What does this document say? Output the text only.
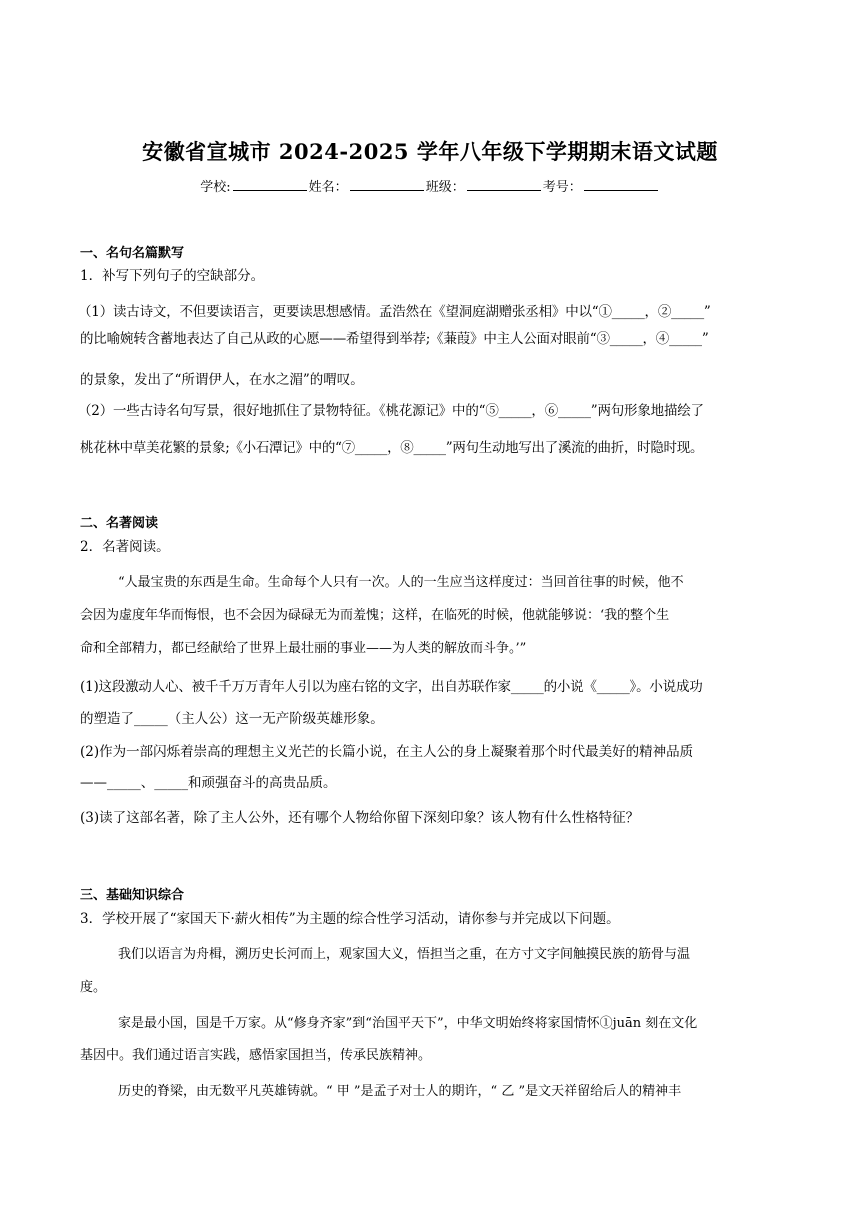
安徽省宣城市 2024-2025 学年八年级下学期期末语文试题
学校:	姓名：	班级：	考号：
一、名句名篇默写
1．补写下列句子的空缺部分。
（1）读古诗文，不但要读语言，更要读思想感情。孟浩然在《望洞庭湖赠张丞相》中以“①_____，②_____”
的比喻婉转含蓄地表达了自己从政的心愿——希望得到举荐;《蒹葭》中主人公面对眼前“③_____，④_____”
的景象，发出了“所谓伊人，在水之湄”的喟叹。
（2）一些古诗名句写景，很好地抓住了景物特征。《桃花源记》中的“⑤_____，⑥_____”两句形象地描绘了
桃花林中草美花繁的景象;《小石潭记》中的“⑦_____，⑧_____”两句生动地写出了溪流的曲折，时隐时现。
二、名著阅读
2．名著阅读。
“人最宝贵的东西是生命。生命每个人只有一次。人的一生应当这样度过：当回首往事的时候，他不
会因为虚度年华而悔恨，也不会因为碌碌无为而羞愧；这样，在临死的时候，他就能够说：‘我的整个生
命和全部精力，都已经献给了世界上最壮丽的事业——为人类的解放而斗争。’”
(1)这段激动人心、被千千万万青年人引以为座右铭的文字，出自苏联作家_____的小说《_____》。小说成功
的塑造了_____（主人公）这一无产阶级英雄形象。
(2)作为一部闪烁着崇高的理想主义光芒的长篇小说，在主人公的身上凝聚着那个时代最美好的精神品质
——_____、_____和顽强奋斗的高贵品质。
(3)读了这部名著，除了主人公外，还有哪个人物给你留下深刻印象？该人物有什么性格特征？
三、基础知识综合
3．学校开展了“家国天下·薪火相传”为主题的综合性学习活动，请你参与并完成以下问题。
我们以语言为舟楫，溯历史长河而上，观家国大义，悟担当之重，在方寸文字间触摸民族的筋骨与温
度。
家是最小国，国是千万家。从“修身齐家”到“治国平天下”，中华文明始终将家国情怀①juān 刻在文化
基因中。我们通过语言实践，感悟家国担当，传承民族精神。
历史的脊梁，由无数平凡英雄铸就。“ 甲 ”是孟子对士人的期许，“ 乙 ”是文天祥留给后人的精神丰
